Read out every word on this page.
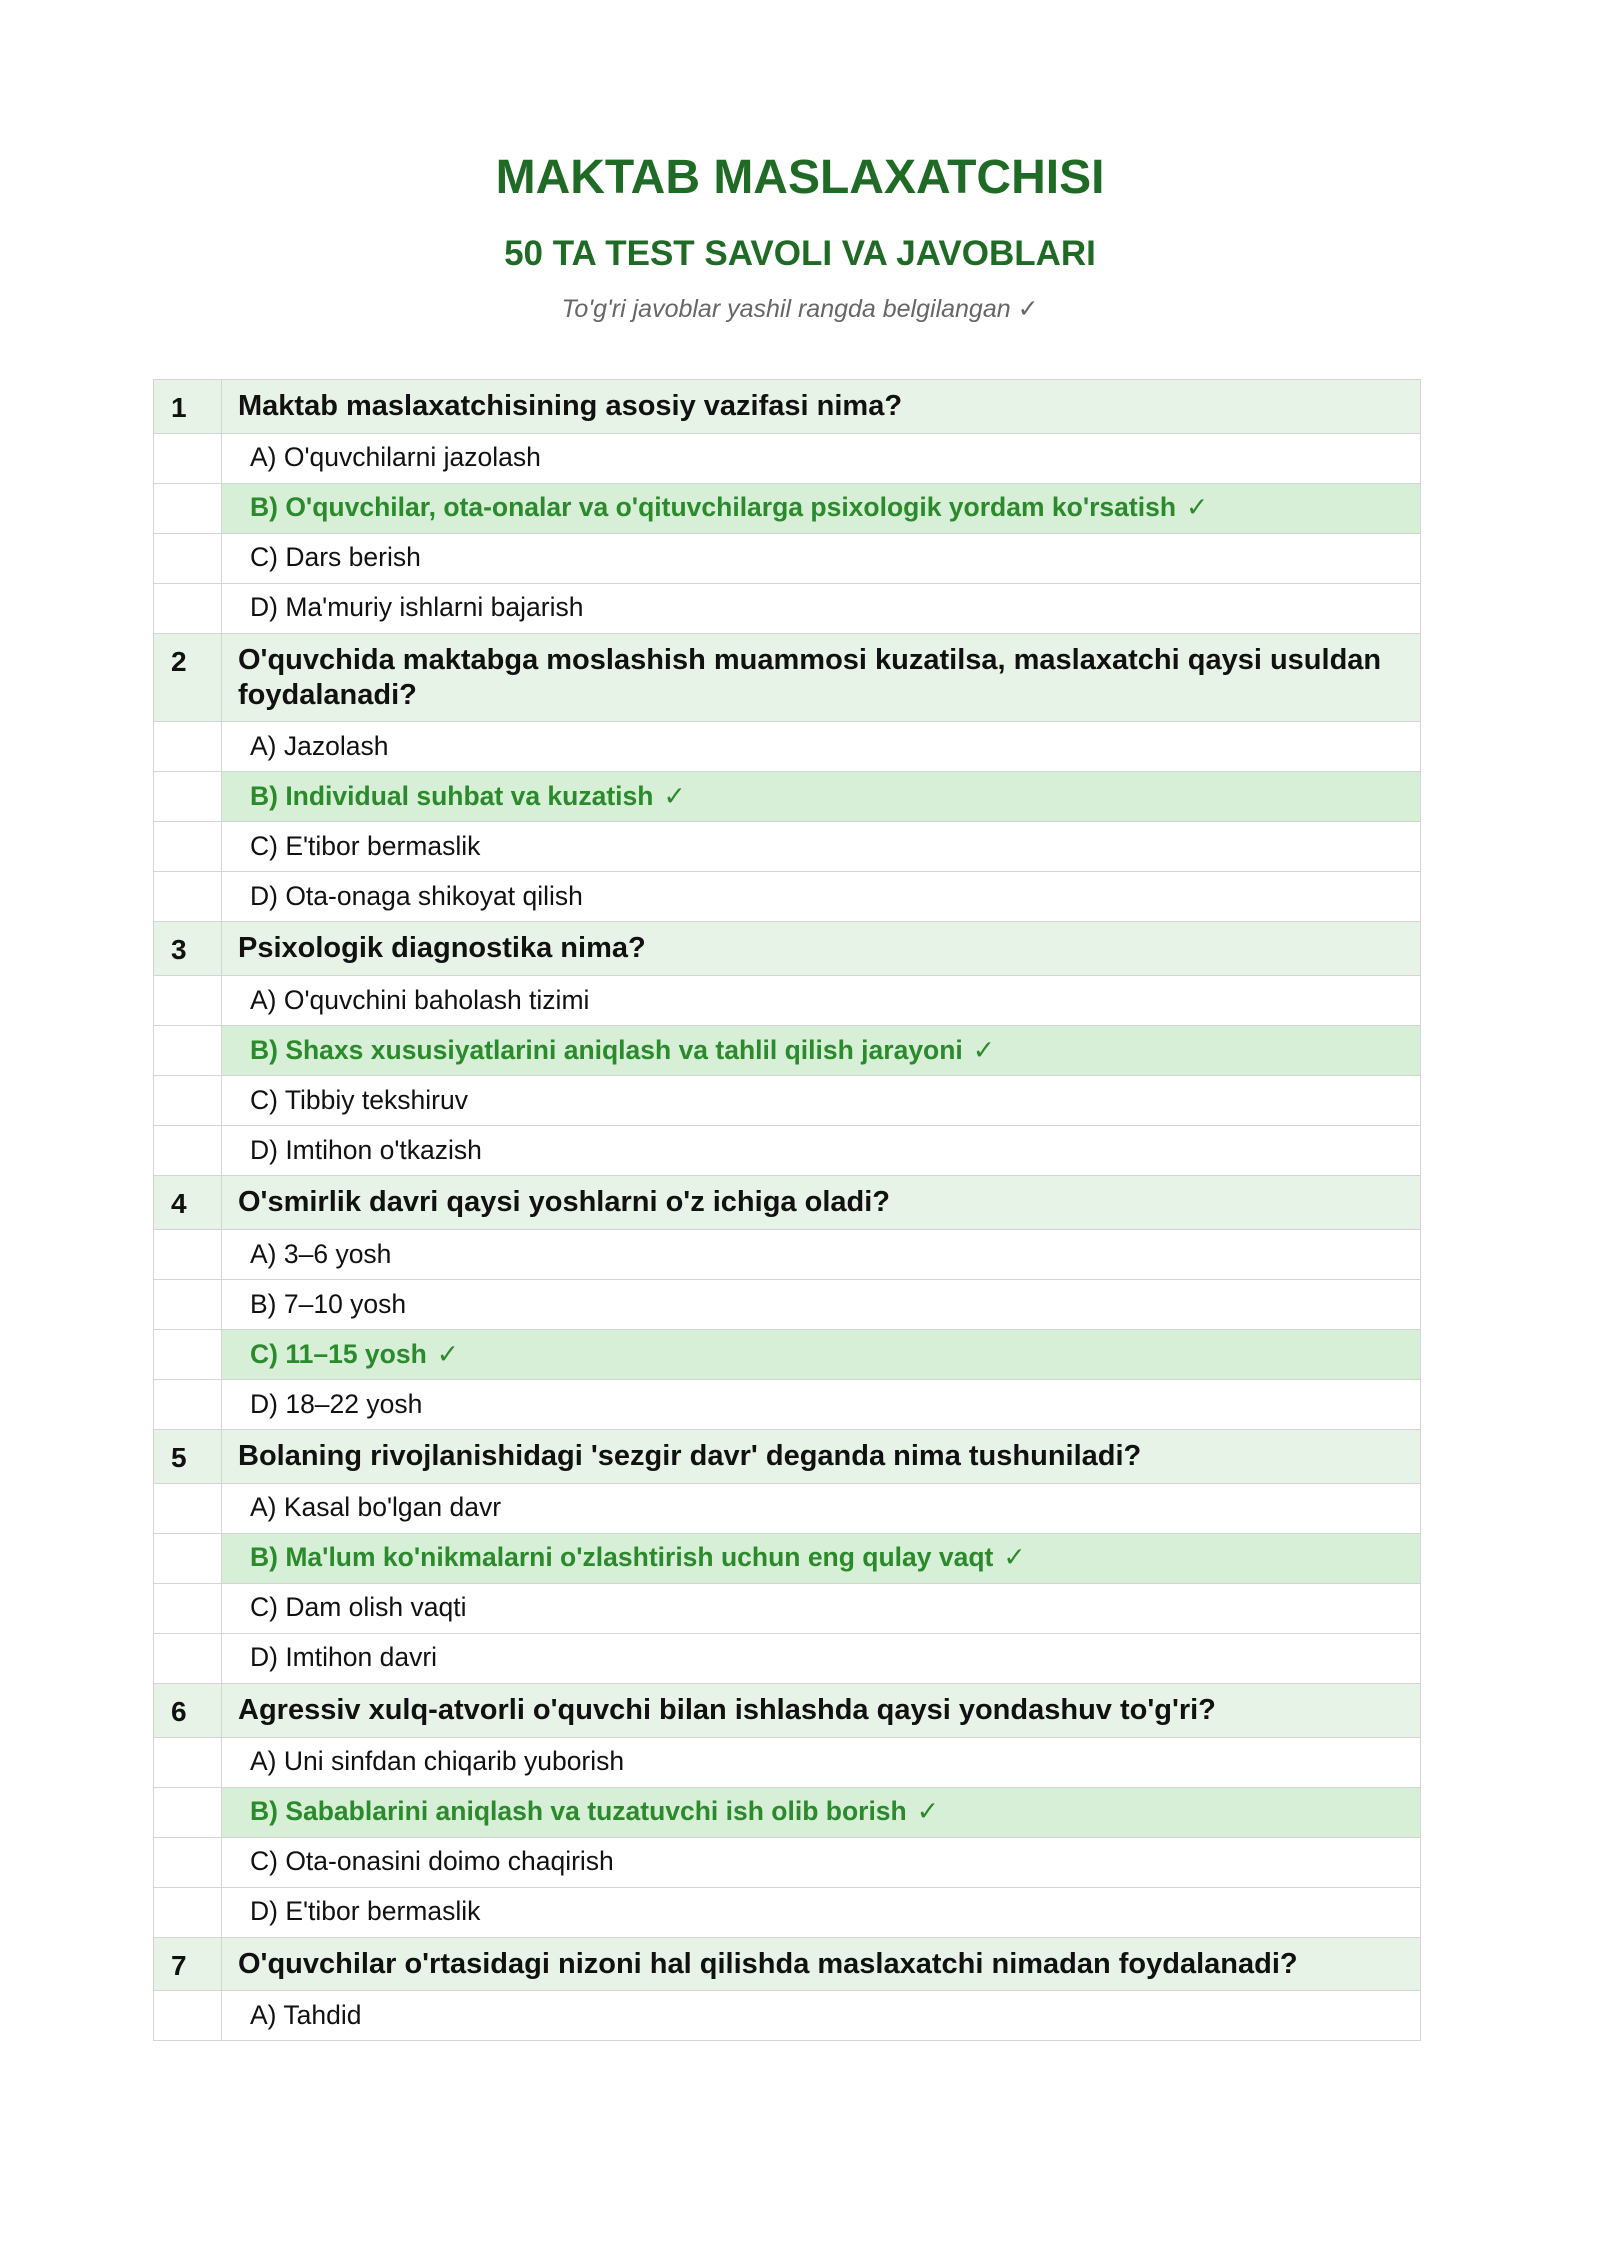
MAKTAB MASLAXATCHISI
50 TA TEST SAVOLI VA JAVOBLARI

To'g'ri javoblar yashil rangda belgilangan ✓

1	Maktab maslaxatchisining asosiy vazifasi nima?
	A) O'quvchilarni jazolash
	B) O'quvchilar, ota-onalar va o'qituvchilarga psixologik yordam ko'rsatish ✓
	C) Dars berish
	D) Ma'muriy ishlarni bajarish
2	O'quvchida maktabga moslashish muammosi kuzatilsa, maslaxatchi qaysi usuldan foydalanadi?
	A) Jazolash
	B) Individual suhbat va kuzatish ✓
	C) E'tibor bermaslik
	D) Ota-onaga shikoyat qilish
3	Psixologik diagnostika nima?
	A) O'quvchini baholash tizimi
	B) Shaxs xususiyatlarini aniqlash va tahlil qilish jarayoni ✓
	C) Tibbiy tekshiruv
	D) Imtihon o'tkazish
4	O'smirlik davri qaysi yoshlarni o'z ichiga oladi?
	A) 3–6 yosh
	B) 7–10 yosh
	C) 11–15 yosh ✓
	D) 18–22 yosh
5	Bolaning rivojlanishidagi 'sezgir davr' deganda nima tushuniladi?
	A) Kasal bo'lgan davr
	B) Ma'lum ko'nikmalarni o'zlashtirish uchun eng qulay vaqt ✓
	C) Dam olish vaqti
	D) Imtihon davri
6	Agressiv xulq-atvorli o'quvchi bilan ishlashda qaysi yondashuv to'g'ri?
	A) Uni sinfdan chiqarib yuborish
	B) Sabablarini aniqlash va tuzatuvchi ish olib borish ✓
	C) Ota-onasini doimo chaqirish
	D) E'tibor bermaslik
7	O'quvchilar o'rtasidagi nizoni hal qilishda maslaxatchi nimadan foydalanadi?
	A) Tahdid
